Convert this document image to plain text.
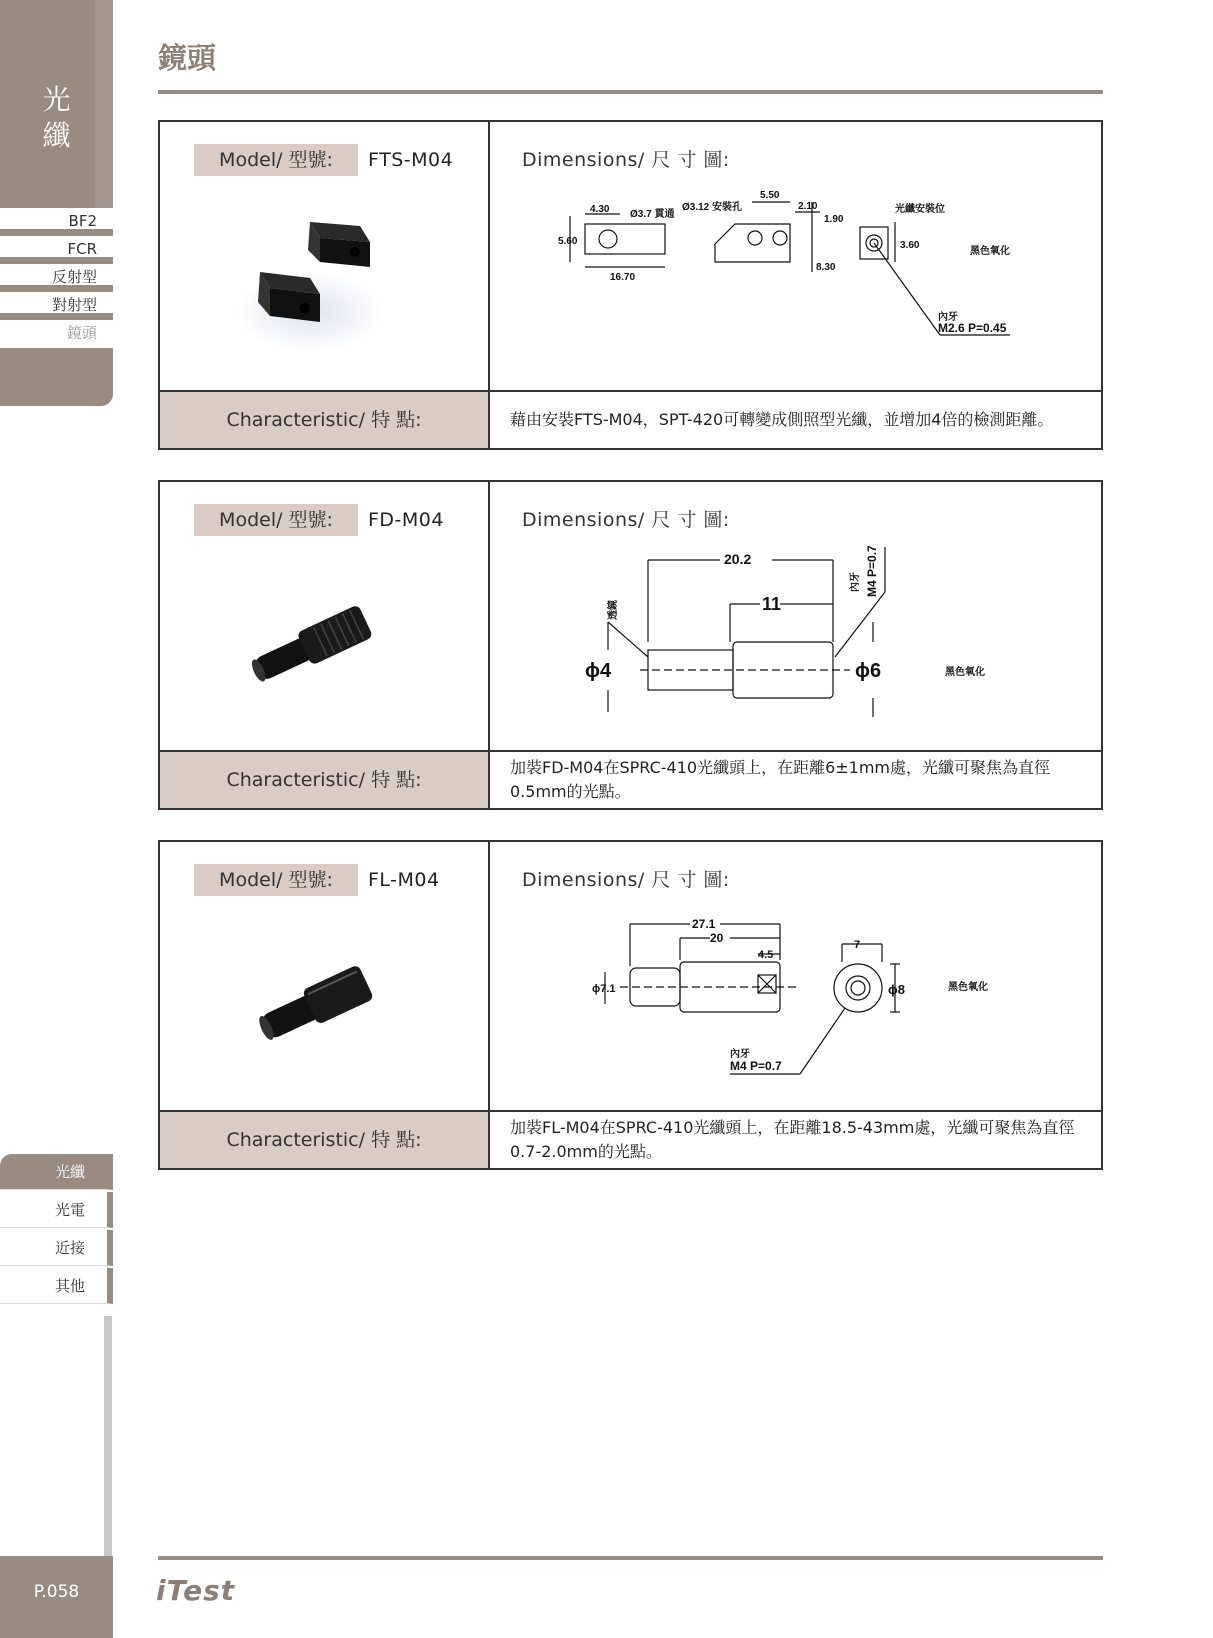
光
纖
BF2
FCR
反射型
對射型
鏡頭
光纖
光電
近接
其他
P.058
鏡頭
Model/ 型號:	FTS-M04	Dimensions/ 尺 寸 圖:
4.30 Ø3.7 貫通
5.60
16.70
Ø3.12 安裝孔
5.50
2.10
1.90
8.30
光纖安裝位
3.60
黑色氧化
內牙
M2.6 P=0.45
Characteristic/ 特 點:	藉由安裝FTS-M04，SPT-420可轉變成側照型光纖，並增加4倍的檢測距離。
Model/ 型號:	FD-M04	Dimensions/ 尺 寸 圖:
20.2
11
內牙 M4 P=0.7
透鏡
ϕ4	ϕ6	黑色氧化
Characteristic/ 特 點:
加裝FD-M04在SPRC-410光纖頭上，在距離6±1mm處，光纖可聚焦為直徑0.5mm的光點。
Model/ 型號:	FL-M04	Dimensions/ 尺 寸 圖:
27.1
20
4.5
ϕ7.1
7
ϕ8	黑色氧化
內牙
M4 P=0.7
Characteristic/ 特 點:
加裝FL-M04在SPRC-410光纖頭上，在距離18.5-43mm處，光纖可聚焦為直徑0.7-2.0mm的光點。
iTest
